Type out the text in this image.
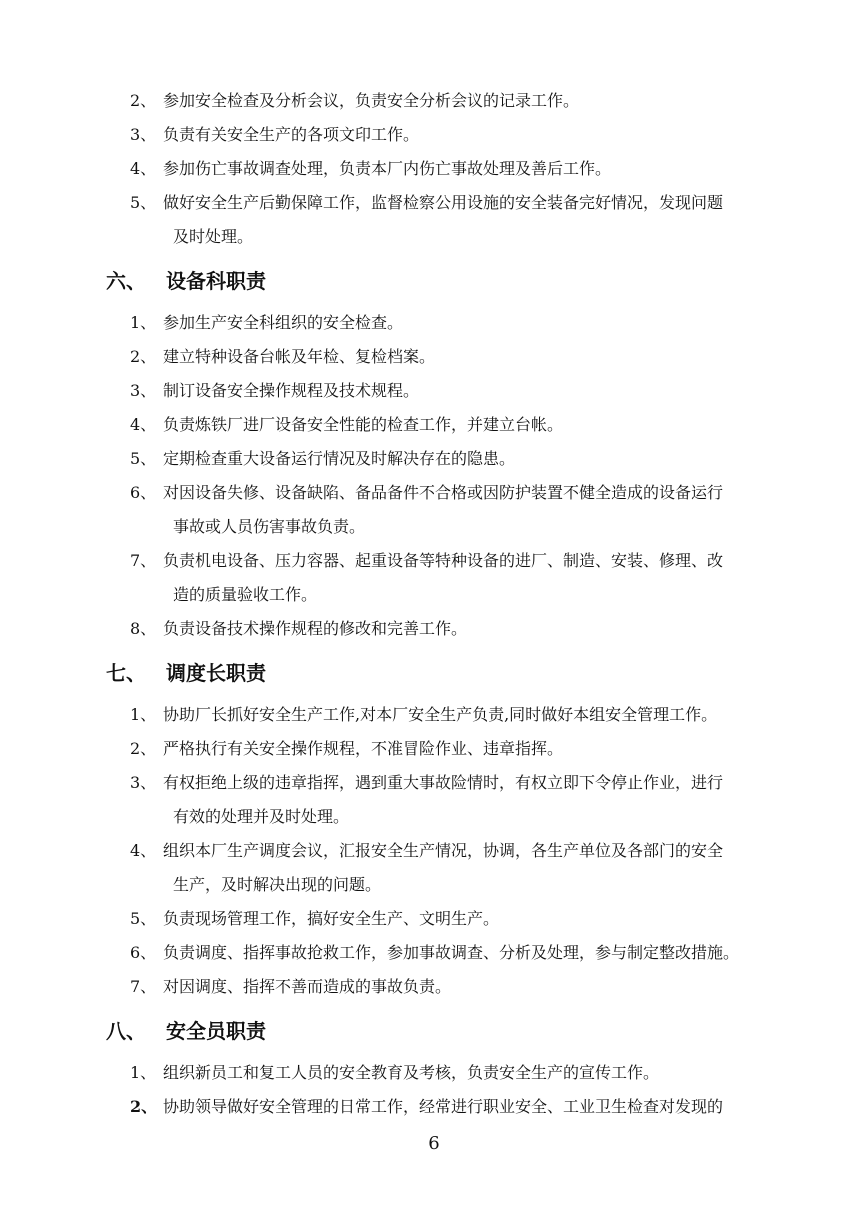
2、 参加安全检查及分析会议，负责安全分析会议的记录工作。
3、 负责有关安全生产的各项文印工作。
4、 参加伤亡事故调查处理，负责本厂内伤亡事故处理及善后工作。
5、 做好安全生产后勤保障工作，监督检察公用设施的安全装备完好情况，发现问题
及时处理。
六、 设备科职责
1、 参加生产安全科组织的安全检查。
2、 建立特种设备台帐及年检、复检档案。
3、 制订设备安全操作规程及技术规程。
4、 负责炼铁厂进厂设备安全性能的检查工作，并建立台帐。
5、 定期检查重大设备运行情况及时解决存在的隐患。
6、 对因设备失修、设备缺陷、备品备件不合格或因防护装置不健全造成的设备运行
事故或人员伤害事故负责。
7、 负责机电设备、压力容器、起重设备等特种设备的进厂、制造、安装、修理、改
造的质量验收工作。
8、 负责设备技术操作规程的修改和完善工作。
七、 调度长职责
1、 协助厂长抓好安全生产工作,对本厂安全生产负责,同时做好本组安全管理工作。
2、 严格执行有关安全操作规程，不准冒险作业、违章指挥。
3、 有权拒绝上级的违章指挥，遇到重大事故险情时，有权立即下令停止作业，进行
有效的处理并及时处理。
4、 组织本厂生产调度会议，汇报安全生产情况，协调，各生产单位及各部门的安全
生产，及时解决出现的问题。
5、 负责现场管理工作，搞好安全生产、文明生产。
6、 负责调度、指挥事故抢救工作，参加事故调查、分析及处理，参与制定整改措施。
7、 对因调度、指挥不善而造成的事故负责。
八、 安全员职责
1、 组织新员工和复工人员的安全教育及考核，负责安全生产的宣传工作。
2、 协助领导做好安全管理的日常工作，经常进行职业安全、工业卫生检查对发现的
6
